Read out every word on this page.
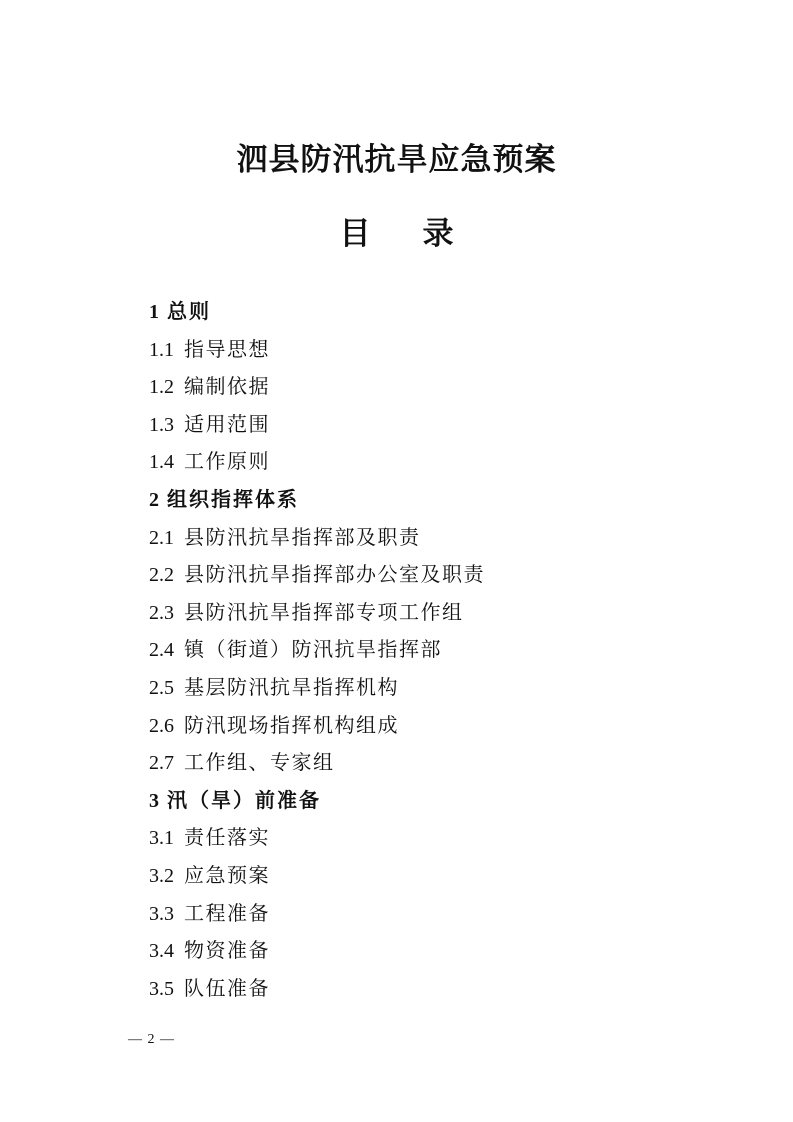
泗县防汛抗旱应急预案
目 录
1 总则
1.1 指导思想
1.2 编制依据
1.3 适用范围
1.4 工作原则
2 组织指挥体系
2.1 县防汛抗旱指挥部及职责
2.2 县防汛抗旱指挥部办公室及职责
2.3 县防汛抗旱指挥部专项工作组
2.4 镇（街道）防汛抗旱指挥部
2.5 基层防汛抗旱指挥机构
2.6 防汛现场指挥机构组成
2.7 工作组、专家组
3 汛（旱）前准备
3.1 责任落实
3.2 应急预案
3.3 工程准备
3.4 物资准备
3.5 队伍准备
— 2 —
